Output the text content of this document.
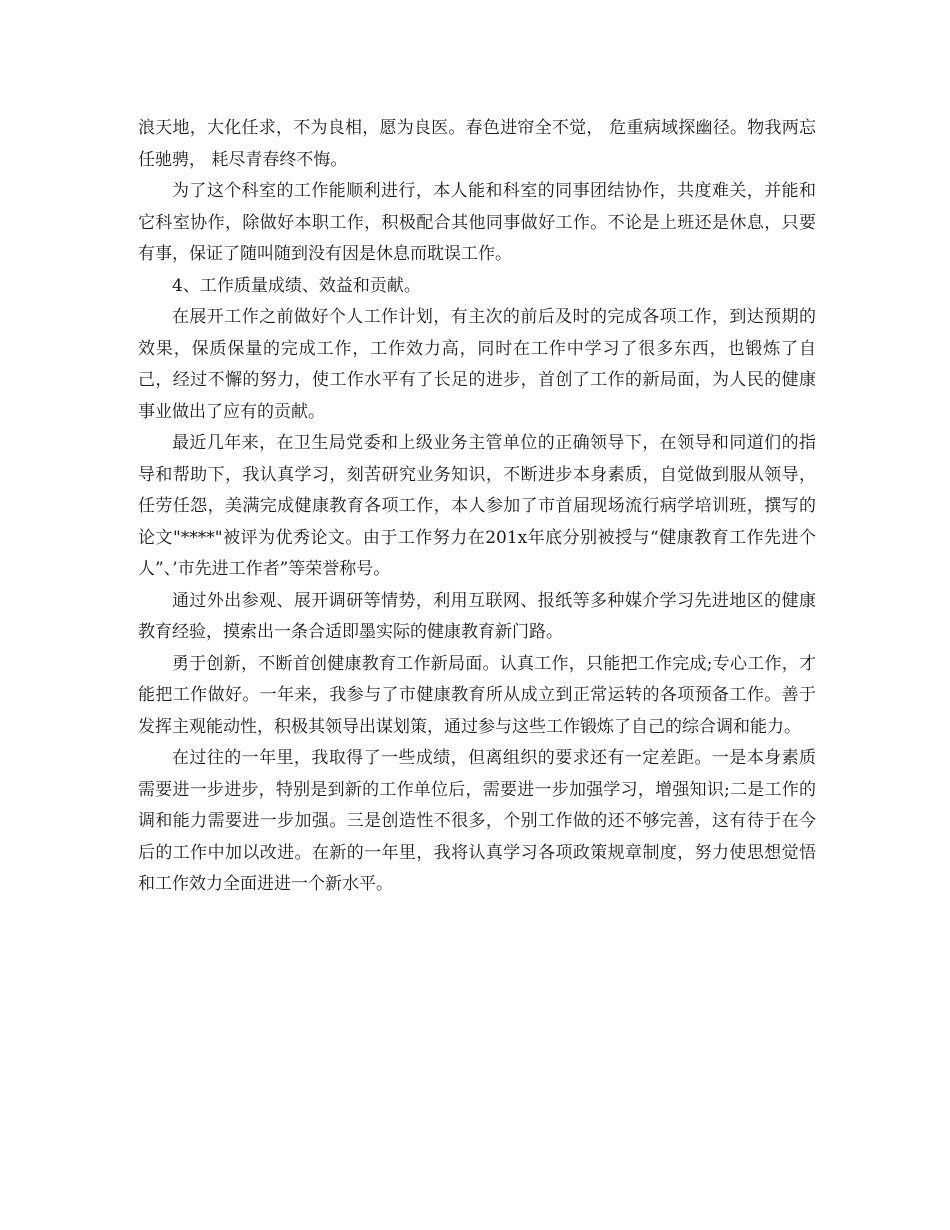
浪天地，大化任求，不为良相，愿为良医。春色进帘全不觉， 危重病域探幽径。物我两忘任驰骋， 耗尽青春终不悔。

为了这个科室的工作能顺利进行，本人能和科室的同事团结协作，共度难关，并能和它科室协作，除做好本职工作，积极配合其他同事做好工作。不论是上班还是休息，只要有事，保证了随叫随到没有因是休息而耽误工作。

4、工作质量成绩、效益和贡献。

在展开工作之前做好个人工作计划，有主次的前后及时的完成各项工作，到达预期的效果，保质保量的完成工作，工作效力高，同时在工作中学习了很多东西，也锻炼了自己，经过不懈的努力，使工作水平有了长足的进步，首创了工作的新局面，为人民的健康事业做出了应有的贡献。

最近几年来，在卫生局党委和上级业务主管单位的正确领导下，在领导和同道们的指导和帮助下，我认真学习，刻苦研究业务知识，不断进步本身素质，自觉做到服从领导，任劳任怨，美满完成健康教育各项工作，本人参加了市首届现场流行病学培训班，撰写的论文"****"被评为优秀论文。由于工作努力在201x年底分别被授与“健康教育工作先进个人”、’市先进工作者”等荣誉称号。

通过外出参观、展开调研等情势，利用互联网、报纸等多种媒介学习先进地区的健康教育经验，摸索出一条合适即墨实际的健康教育新门路。

勇于创新，不断首创健康教育工作新局面。认真工作，只能把工作完成;专心工作，才能把工作做好。一年来，我参与了市健康教育所从成立到正常运转的各项预备工作。善于发挥主观能动性，积极其领导出谋划策，通过参与这些工作锻炼了自己的综合调和能力。

在过往的一年里，我取得了一些成绩，但离组织的要求还有一定差距。一是本身素质需要进一步进步，特别是到新的工作单位后，需要进一步加强学习，增强知识;二是工作的调和能力需要进一步加强。三是创造性不很多，个别工作做的还不够完善，这有待于在今后的工作中加以改进。在新的一年里，我将认真学习各项政策规章制度，努力使思想觉悟和工作效力全面进进一个新水平。
